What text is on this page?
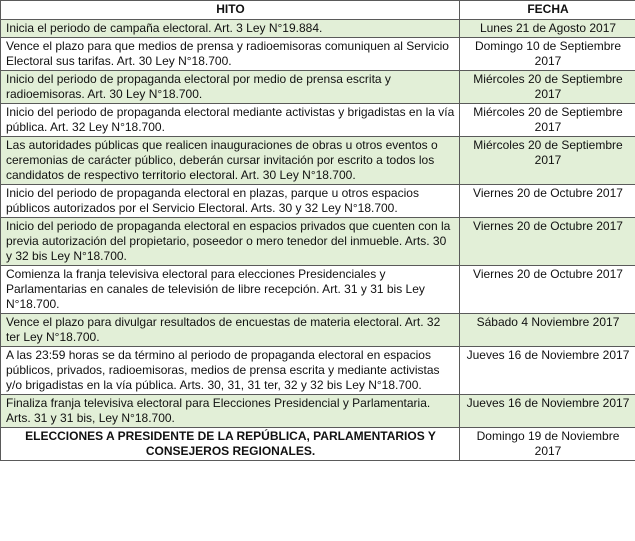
HITO	FECHA
Inicia el periodo de campaña electoral. Art. 3 Ley N°19.884.	Lunes 21 de Agosto 2017
Vence el plazo para que medios de prensa y radioemisoras comuniquen al Servicio Electoral sus tarifas. Art. 30 Ley N°18.700.	Domingo 10 de Septiembre 2017
Inicio del periodo de propaganda electoral por medio de prensa escrita y radioemisoras. Art. 30 Ley N°18.700.	Miércoles 20 de Septiembre 2017
Inicio del periodo de propaganda electoral mediante activistas y brigadistas en la vía pública. Art. 32 Ley N°18.700.	Miércoles 20 de Septiembre 2017
Las autoridades públicas que realicen inauguraciones de obras u otros eventos o ceremonias de carácter público, deberán cursar invitación por escrito a todos los candidatos de respectivo territorio electoral. Art. 30 Ley N°18.700.	Miércoles 20 de Septiembre 2017
Inicio del periodo de propaganda electoral en plazas, parque u otros espacios públicos autorizados por el Servicio Electoral. Arts. 30 y 32 Ley N°18.700.	Viernes 20 de Octubre 2017
Inicio del periodo de propaganda electoral en espacios privados que cuenten con la previa autorización del propietario, poseedor o mero tenedor del inmueble. Arts. 30 y 32 bis Ley N°18.700.	Viernes 20 de Octubre 2017
Comienza la franja televisiva electoral para elecciones Presidenciales y Parlamentarias en canales de televisión de libre recepción. Art. 31 y 31 bis Ley N°18.700.	Viernes 20 de Octubre 2017
Vence el plazo para divulgar resultados de encuestas de materia electoral. Art. 32 ter Ley N°18.700.	Sábado 4 Noviembre 2017
A las 23:59 horas se da término al periodo de propaganda electoral en espacios públicos, privados, radioemisoras, medios de prensa escrita y mediante activistas y/o brigadistas en la vía pública. Arts. 30, 31, 31 ter, 32 y 32 bis Ley N°18.700.	Jueves 16 de Noviembre 2017
Finaliza franja televisiva electoral para Elecciones Presidencial y Parlamentaria. Arts. 31 y 31 bis, Ley N°18.700.	Jueves 16 de Noviembre 2017
ELECCIONES A PRESIDENTE DE LA REPÚBLICA, PARLAMENTARIOS Y CONSEJEROS REGIONALES.	Domingo 19 de Noviembre 2017
